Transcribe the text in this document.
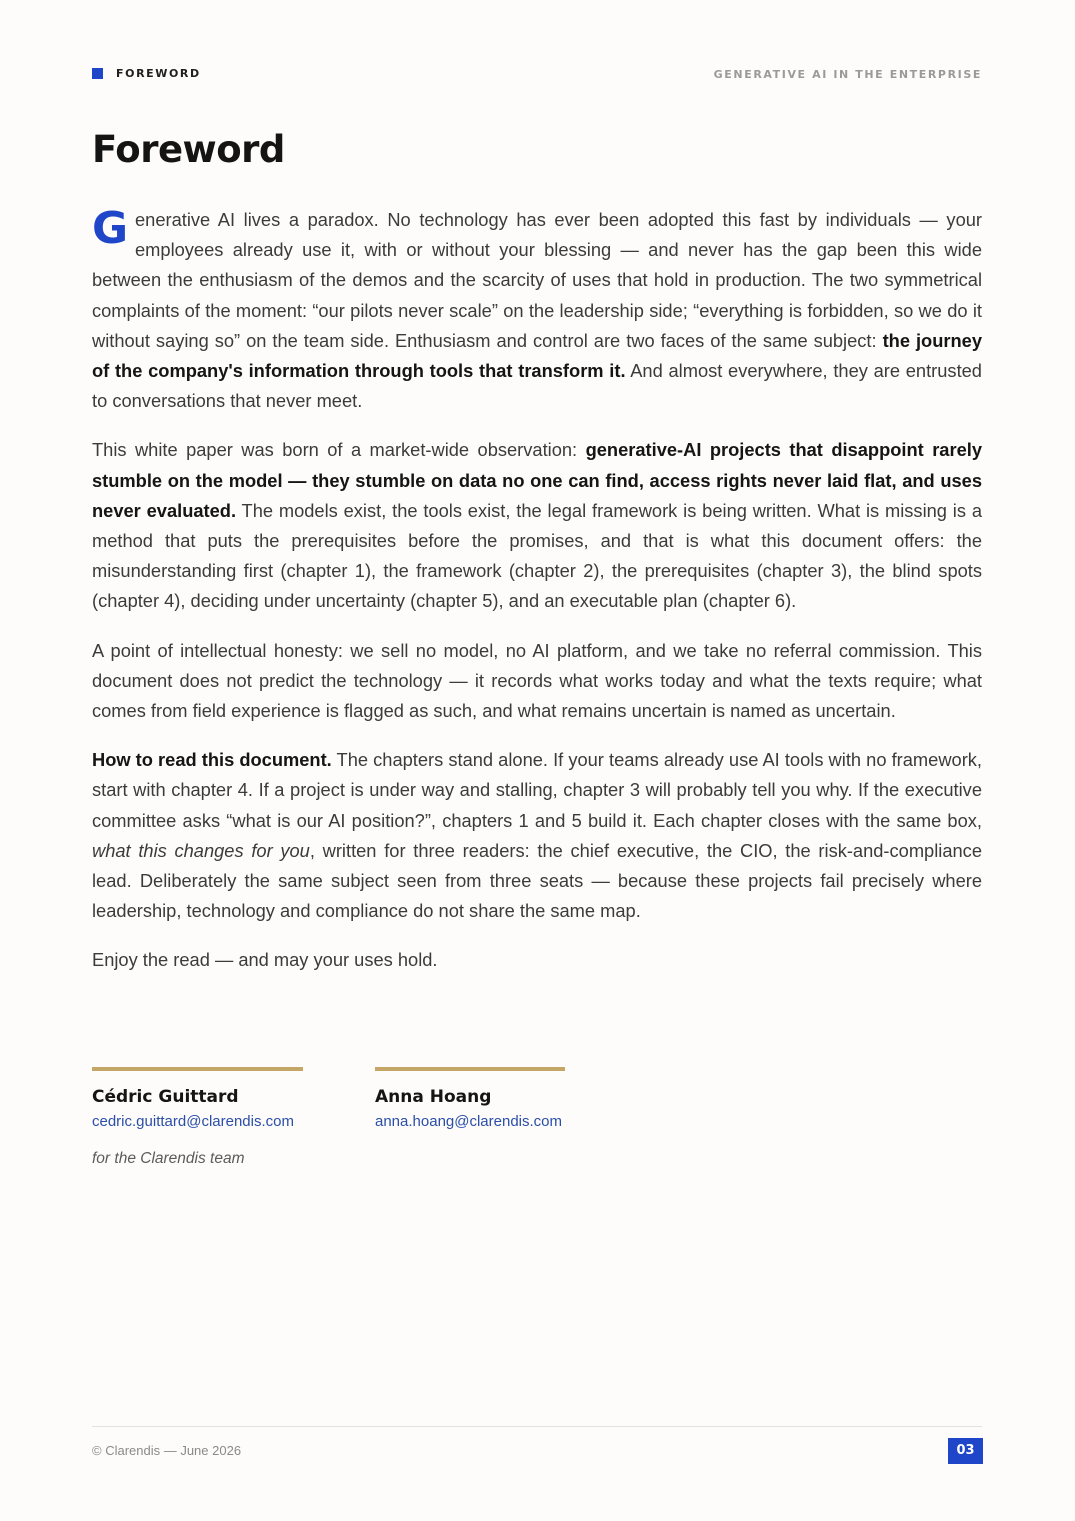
FOREWORD	GENERATIVE AI IN THE ENTERPRISE
Foreword

G enerative AI lives a paradox. No technology has ever been adopted this fast by individuals — your employees already use it, with or without your blessing — and never has the gap been this wide between the enthusiasm of the demos and the scarcity of uses that hold in production. The two symmetrical complaints of the moment: “our pilots never scale” on the leadership side; “everything is forbidden, so we do it without saying so” on the team side. Enthusiasm and control are two faces of the same subject: the journey of the company's information through tools that transform it. And almost everywhere, they are entrusted to conversations that never meet.

This white paper was born of a market-wide observation: generative-AI projects that disappoint rarely stumble on the model — they stumble on data no one can find, access rights never laid flat, and uses never evaluated. The models exist, the tools exist, the legal framework is being written. What is missing is a method that puts the prerequisites before the promises, and that is what this document offers: the misunderstanding first (chapter 1), the framework (chapter 2), the prerequisites (chapter 3), the blind spots (chapter 4), deciding under uncertainty (chapter 5), and an executable plan (chapter 6).

A point of intellectual honesty: we sell no model, no AI platform, and we take no referral commission. This document does not predict the technology — it records what works today and what the texts require; what comes from field experience is flagged as such, and what remains uncertain is named as uncertain.

How to read this document. The chapters stand alone. If your teams already use AI tools with no framework, start with chapter 4. If a project is under way and stalling, chapter 3 will probably tell you why. If the executive committee asks “what is our AI position?”, chapters 1 and 5 build it. Each chapter closes with the same box, what this changes for you, written for three readers: the chief executive, the CIO, the risk-and-compliance lead. Deliberately the same subject seen from three seats — because these projects fail precisely where leadership, technology and compliance do not share the same map.

Enjoy the read — and may your uses hold.

Cédric Guittard
cedric.guittard@clarendis.com
Anna Hoang
anna.hoang@clarendis.com
for the Clarendis team
© Clarendis — June 2026	03
